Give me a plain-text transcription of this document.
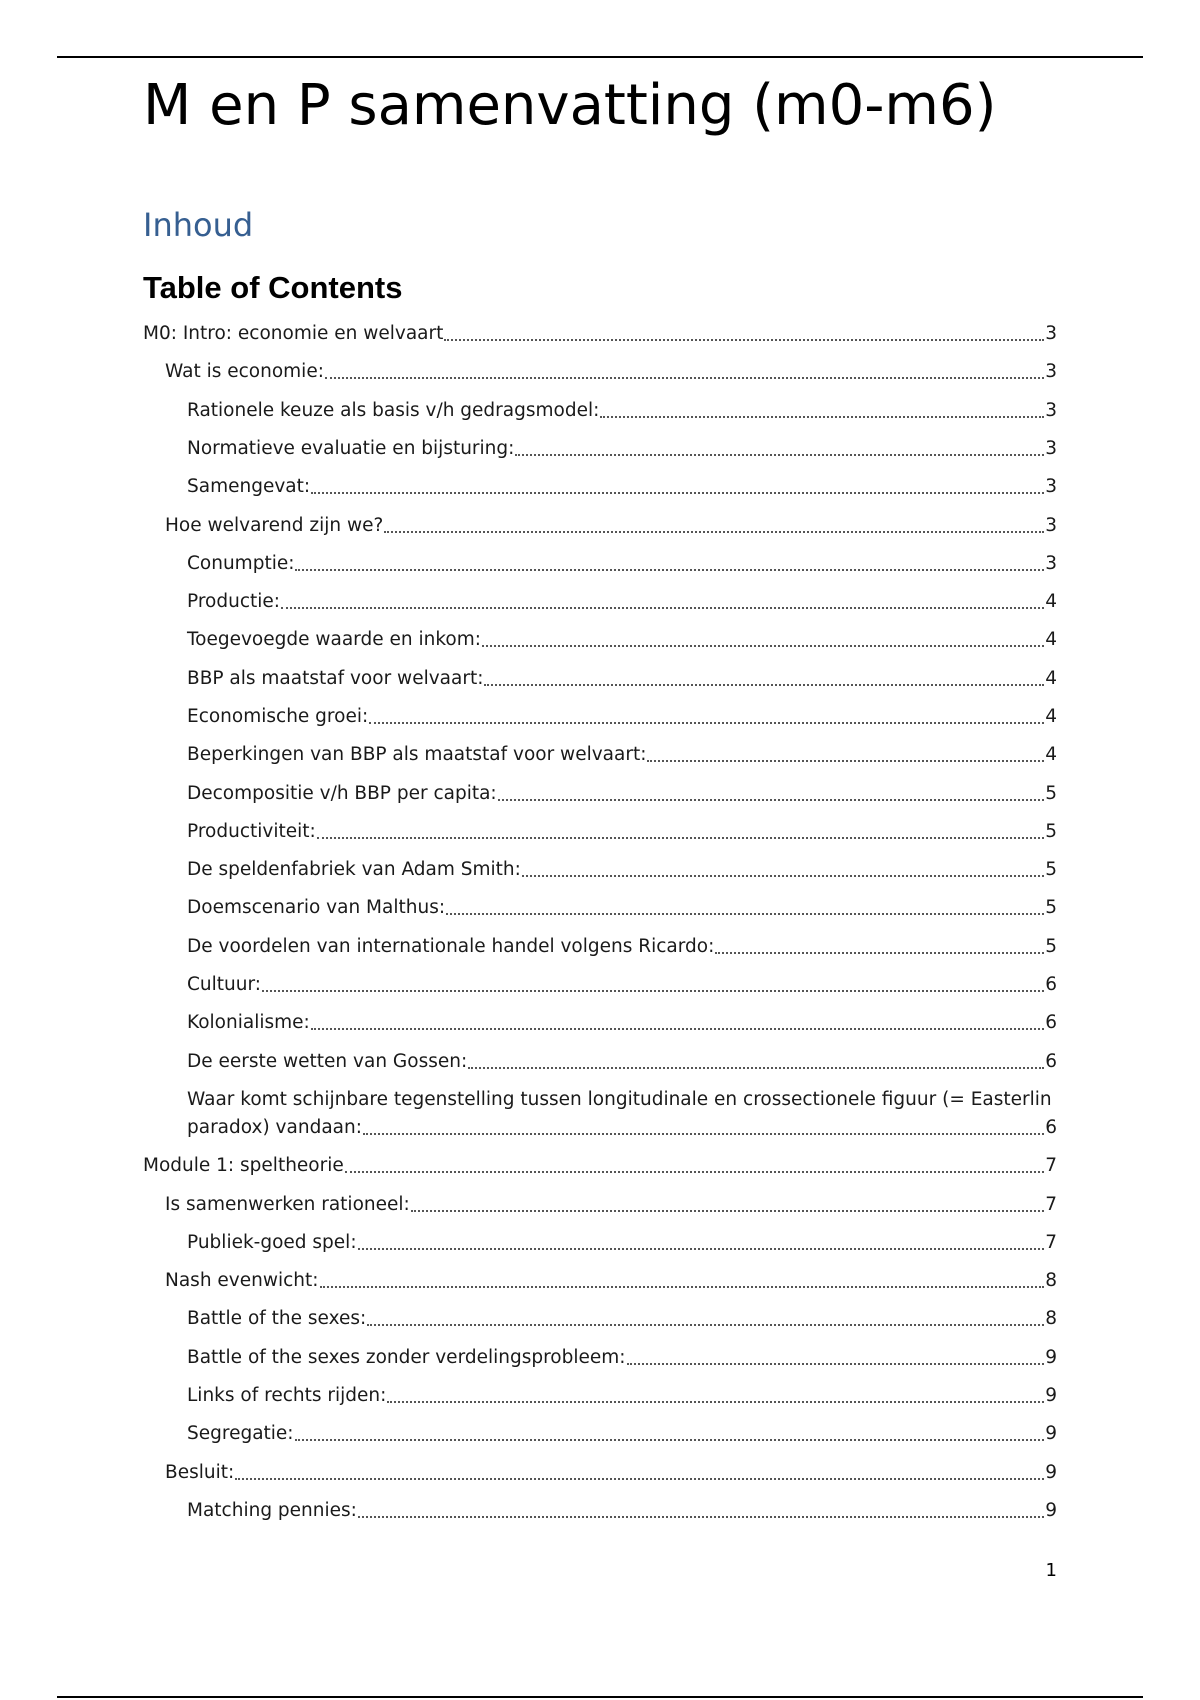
M en P samenvatting (m0-m6)
Inhoud
Table of Contents
M0: Intro: economie en welvaart	3
Wat is economie:	3
Rationele keuze als basis v/h gedragsmodel:	3
Normatieve evaluatie en bijsturing:	3
Samengevat:	3
Hoe welvarend zijn we?	3
Conumptie:	3
Productie:	4
Toegevoegde waarde en inkom:	4
BBP als maatstaf voor welvaart:	4
Economische groei:	4
Beperkingen van BBP als maatstaf voor welvaart:	4
Decompositie v/h BBP per capita:	5
Productiviteit:	5
De speldenfabriek van Adam Smith:	5
Doemscenario van Malthus:	5
De voordelen van internationale handel volgens Ricardo:	5
Cultuur:	6
Kolonialisme:	6
De eerste wetten van Gossen:	6
Waar komt schijnbare tegenstelling tussen longitudinale en crossectionele figuur (= Easterlin
paradox) vandaan:	6
Module 1: speltheorie	7
Is samenwerken rationeel:	7
Publiek-goed spel:	7
Nash evenwicht:	8
Battle of the sexes:	8
Battle of the sexes zonder verdelingsprobleem:	9
Links of rechts rijden:	9
Segregatie:	9
Besluit:	9
Matching pennies:	9
1
